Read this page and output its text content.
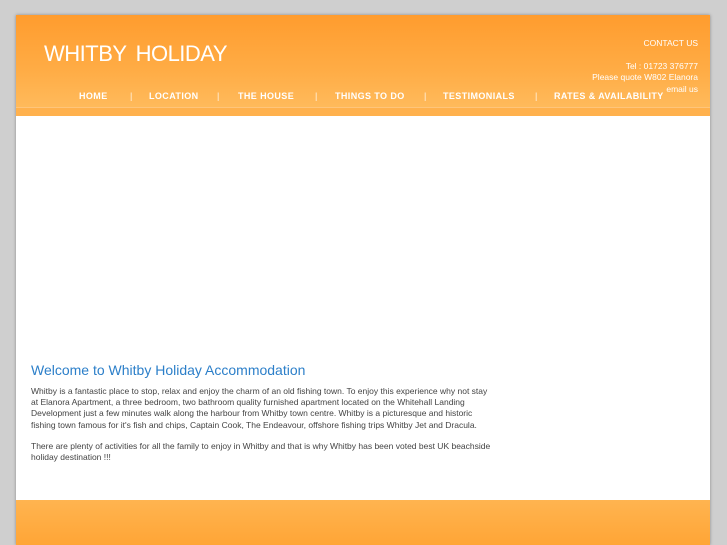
WHITBY HOLIDAY	CONTACT US
Tel : 01723 376777
Please quote W802 Elanora
email us
HOME | LOCATION | THE HOUSE | THINGS TO DO | TESTIMONIALS | RATES & AVAILABILITY
Welcome to Whitby Holiday Accommodation

Whitby is a fantastic place to stop, relax and enjoy the charm of an old fishing town. To enjoy this experience why not stay at Elanora Apartment, a three bedroom, two bathroom quality furnished apartment located on the Whitehall Landing Development just a few minutes walk along the harbour from Whitby town centre. Whitby is a picturesque and historic fishing town famous for it's fish and chips, Captain Cook, The Endeavour, offshore fishing trips Whitby Jet and Dracula.

There are plenty of activities for all the family to enjoy in Whitby and that is why Whitby has been voted best UK beachside holiday destination !!!
